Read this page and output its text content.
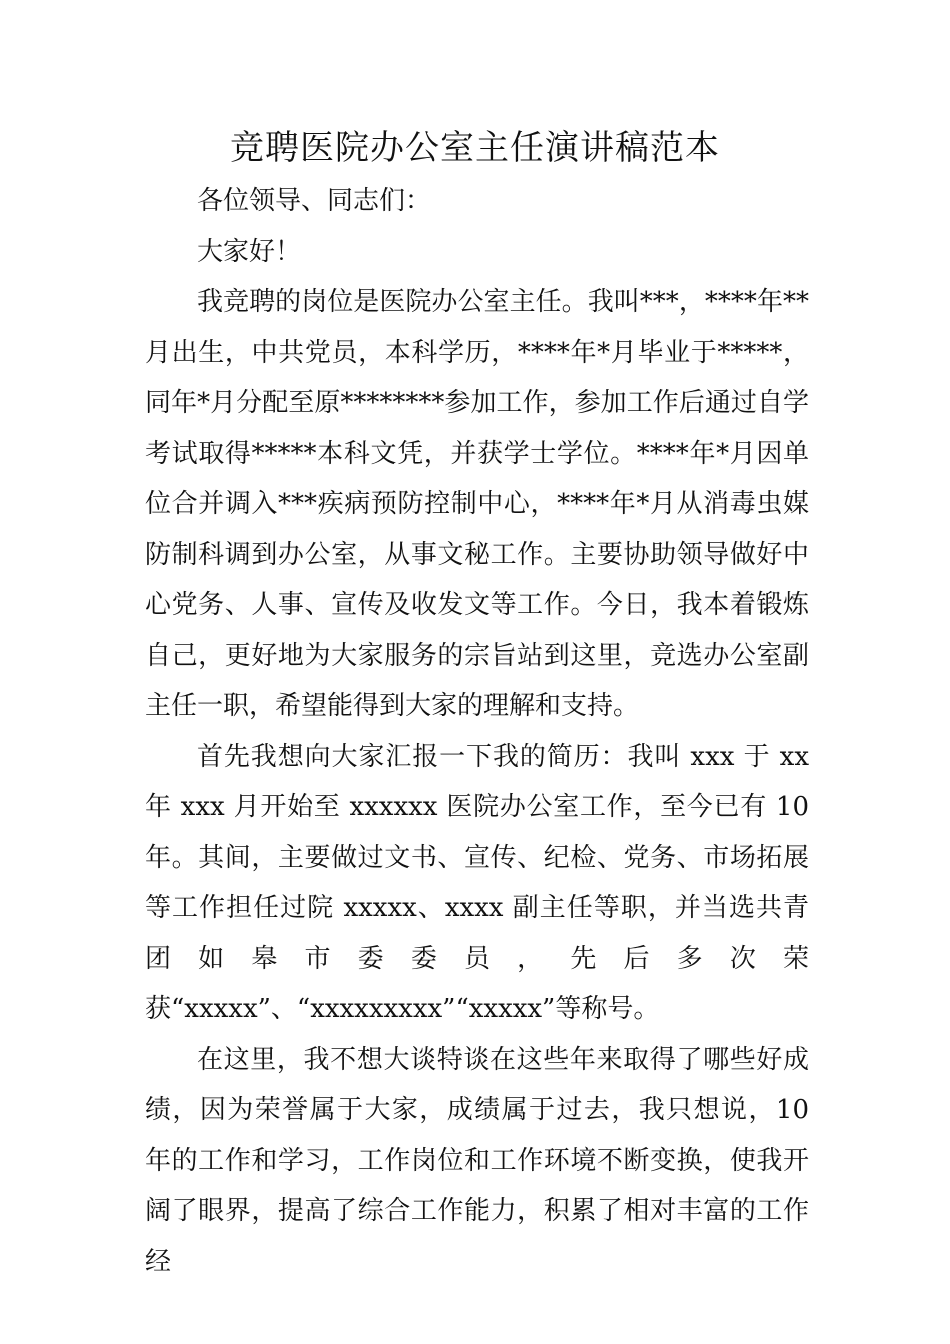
竞聘医院办公室主任演讲稿范本

各位领导、同志们：

大家好！

我竞聘的岗位是医院办公室主任。我叫***，****年**月出生，中共党员，本科学历，****年*月毕业于*****，同年*月分配至原********参加工作，参加工作后通过自学考试取得*****本科文凭，并获学士学位。****年*月因单位合并调入***疾病预防控制中心，****年*月从消毒虫媒防制科调到办公室，从事文秘工作。主要协助领导做好中心党务、人事、宣传及收发文等工作。今日，我本着锻炼自己，更好地为大家服务的宗旨站到这里，竞选办公室副主任一职，希望能得到大家的理解和支持。

首先我想向大家汇报一下我的简历：我叫 xxx 于 xx 年 xxx 月开始至 xxxxxx 医院办公室工作，至今已有 10 年。其间，主要做过文书、宣传、纪检、党务、市场拓展等工作担任过院 xxxxx、xxxx 副主任等职，并当选共青团如皋市委委员，先后多次荣获“xxxxx”、“xxxxxxxxx”“xxxxx”等称号。

在这里，我不想大谈特谈在这些年来取得了哪些好成绩，因为荣誉属于大家，成绩属于过去，我只想说，10 年的工作和学习，工作岗位和工作环境不断变换，使我开阔了眼界，提高了综合工作能力，积累了相对丰富的工作经
